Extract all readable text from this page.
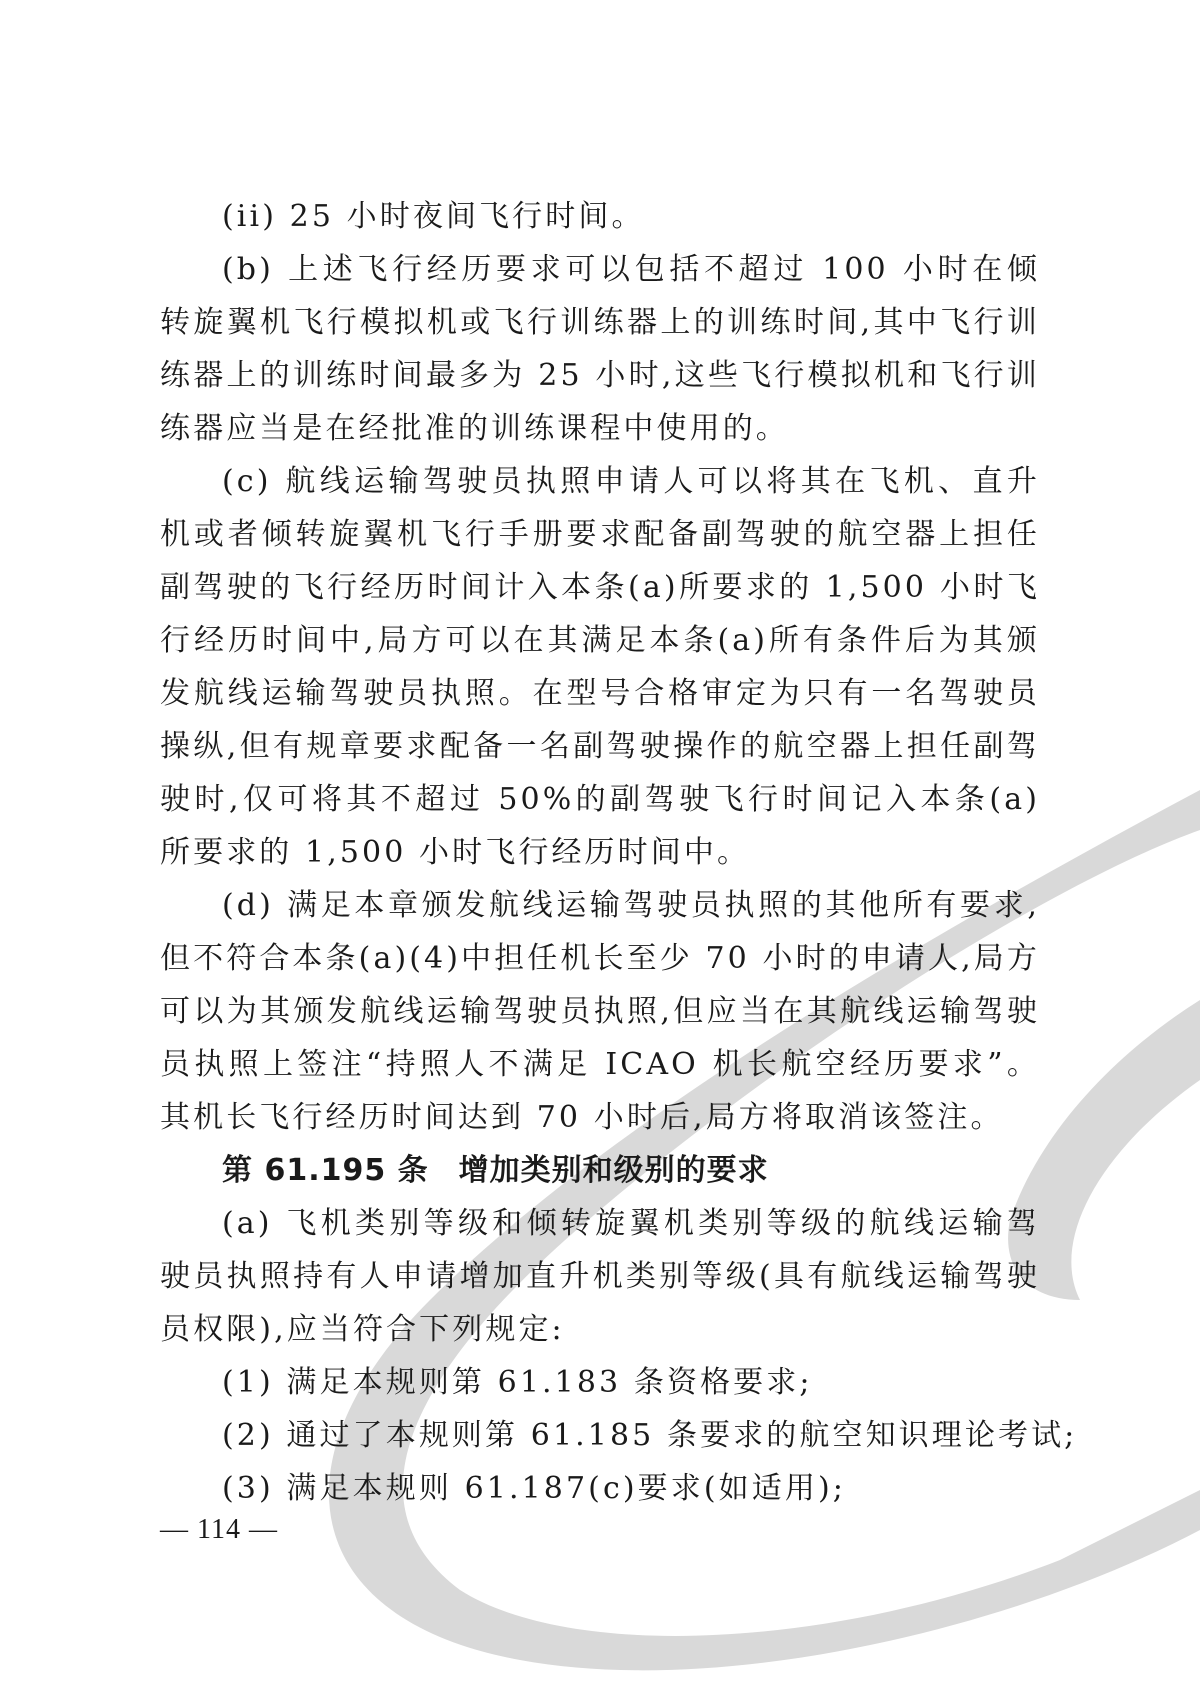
(ii) 25 小时夜间飞行时间。

(b) 上述飞行经历要求可以包括不超过 100 小时在倾转旋翼机飞行模拟机或飞行训练器上的训练时间,其中飞行训练器上的训练时间最多为 25 小时,这些飞行模拟机和飞行训练器应当是在经批准的训练课程中使用的。

(c) 航线运输驾驶员执照申请人可以将其在飞机、直升机或者倾转旋翼机飞行手册要求配备副驾驶的航空器上担任副驾驶的飞行经历时间计入本条(a)所要求的 1,500 小时飞行经历时间中,局方可以在其满足本条(a)所有条件后为其颁发航线运输驾驶员执照。在型号合格审定为只有一名驾驶员操纵,但有规章要求配备一名副驾驶操作的航空器上担任副驾驶时,仅可将其不超过 50%的副驾驶飞行时间记入本条(a)所要求的 1,500 小时飞行经历时间中。

(d) 满足本章颁发航线运输驾驶员执照的其他所有要求,但不符合本条(a)(4)中担任机长至少 70 小时的申请人,局方可以为其颁发航线运输驾驶员执照,但应当在其航线运输驾驶员执照上签注“持照人不满足 ICAO 机长航空经历要求”。其机长飞行经历时间达到 70 小时后,局方将取消该签注。

第 61.195 条 增加类别和级别的要求

(a) 飞机类别等级和倾转旋翼机类别等级的航线运输驾驶员执照持有人申请增加直升机类别等级(具有航线运输驾驶员权限),应当符合下列规定:

(1) 满足本规则第 61.183 条资格要求;

(2) 通过了本规则第 61.185 条要求的航空知识理论考试;

(3) 满足本规则 61.187(c)要求(如适用);

— 114 —
